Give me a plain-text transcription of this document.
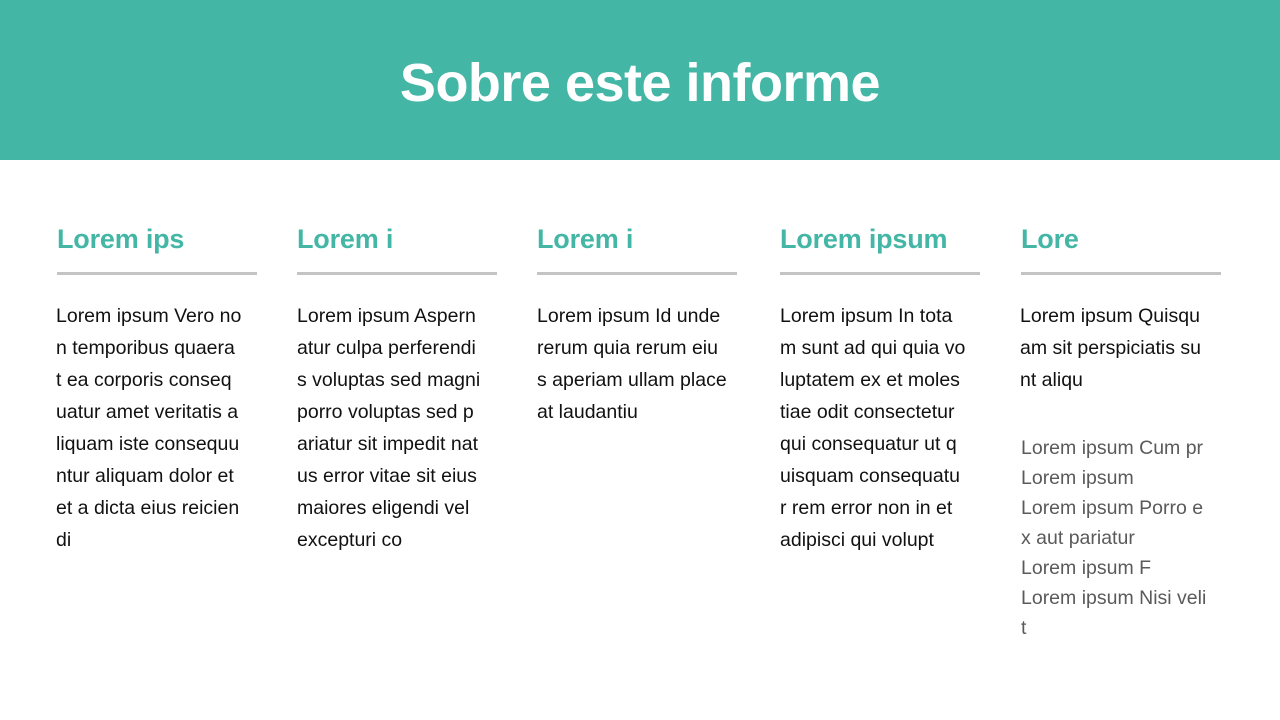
Sobre este informe
Lorem ips
Lorem ipsum Vero no
n temporibus quaera
t ea corporis conseq
uatur amet veritatis a
liquam iste consequu
ntur aliquam dolor et
et a dicta eius reicien
di
Lorem i
Lorem ipsum Aspern
atur culpa perferendi
s voluptas sed magni
porro voluptas sed p
ariatur sit impedit nat
us error vitae sit eius
maiores eligendi vel
excepturi co
Lorem i
Lorem ipsum Id unde
rerum quia rerum eiu
s aperiam ullam place
at laudantiu
Lorem ipsum
Lorem ipsum In tota
m sunt ad qui quia vo
luptatem ex et moles
tiae odit consectetur
qui consequatur ut q
uisquam consequatu
r rem error non in et
adipisci qui volupt
Lore
Lorem ipsum Quisqu
am sit perspiciatis su
nt aliqu
Lorem ipsum Cum pr
Lorem ipsum
Lorem ipsum Porro e
x aut pariatur
Lorem ipsum F
Lorem ipsum Nisi veli
t
